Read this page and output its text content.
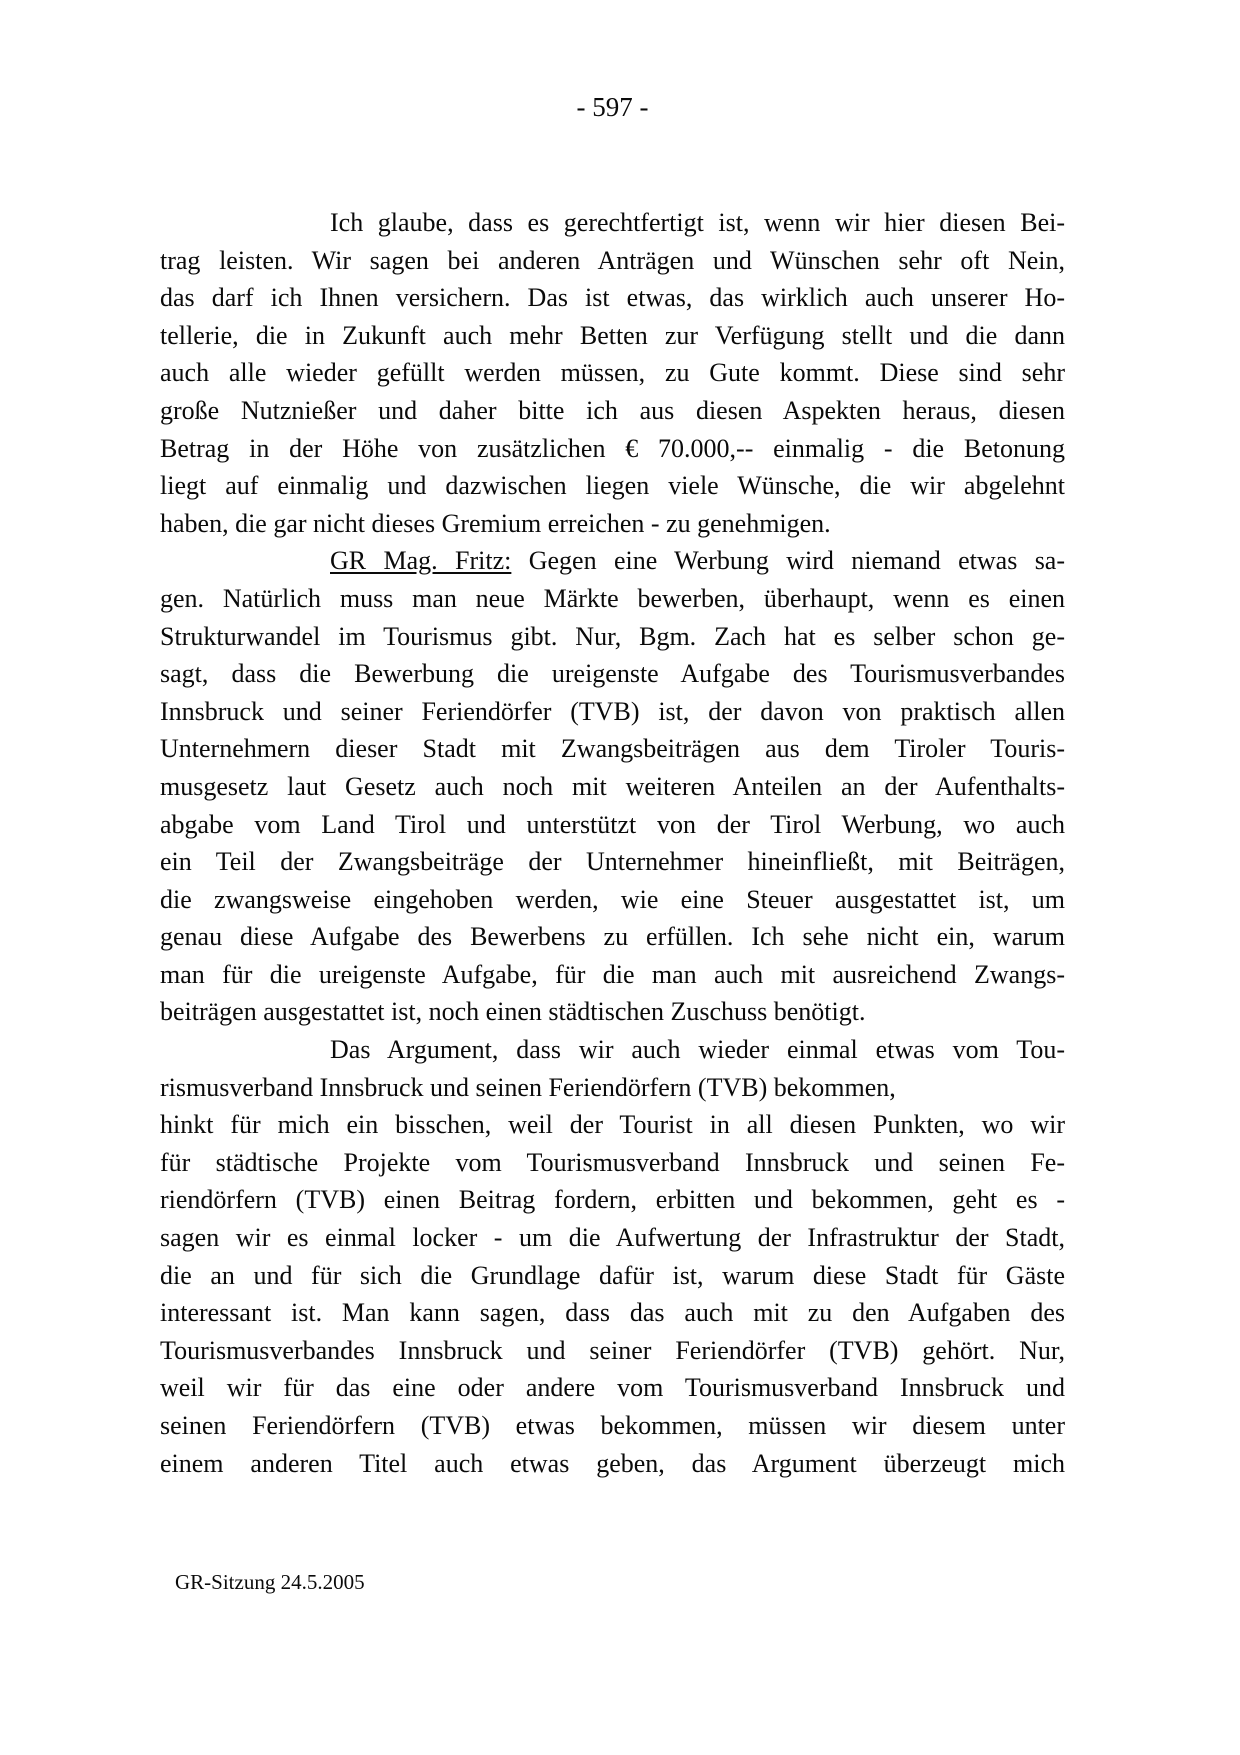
- 597 -
Ich glaube, dass es gerechtfertigt ist, wenn wir hier diesen Bei-
trag leisten. Wir sagen bei anderen Anträgen und Wünschen sehr oft Nein,
das darf ich Ihnen versichern. Das ist etwas, das wirklich auch unserer Ho-
tellerie, die in Zukunft auch mehr Betten zur Verfügung stellt und die dann
auch alle wieder gefüllt werden müssen, zu Gute kommt. Diese sind sehr
große Nutznießer und daher bitte ich aus diesen Aspekten heraus, diesen
Betrag in der Höhe von zusätzlichen € 70.000,-- einmalig - die Betonung
liegt auf einmalig und dazwischen liegen viele Wünsche, die wir abgelehnt
haben, die gar nicht dieses Gremium erreichen - zu genehmigen.
GR Mag. Fritz: Gegen eine Werbung wird niemand etwas sa-
gen. Natürlich muss man neue Märkte bewerben, überhaupt, wenn es einen
Strukturwandel im Tourismus gibt. Nur, Bgm. Zach hat es selber schon ge-
sagt, dass die Bewerbung die ureigenste Aufgabe des Tourismusverbandes
Innsbruck und seiner Feriendörfer (TVB) ist, der davon von praktisch allen
Unternehmern dieser Stadt mit Zwangsbeiträgen aus dem Tiroler Touris-
musgesetz laut Gesetz auch noch mit weiteren Anteilen an der Aufenthalts-
abgabe vom Land Tirol und unterstützt von der Tirol Werbung, wo auch
ein Teil der Zwangsbeiträge der Unternehmer hineinfließt, mit Beiträgen,
die zwangsweise eingehoben werden, wie eine Steuer ausgestattet ist, um
genau diese Aufgabe des Bewerbens zu erfüllen. Ich sehe nicht ein, warum
man für die ureigenste Aufgabe, für die man auch mit ausreichend Zwangs-
beiträgen ausgestattet ist, noch einen städtischen Zuschuss benötigt.
Das Argument, dass wir auch wieder einmal etwas vom Tou-
rismusverband Innsbruck und seinen Feriendörfern (TVB) bekommen,
hinkt für mich ein bisschen, weil der Tourist in all diesen Punkten, wo wir
für städtische Projekte vom Tourismusverband Innsbruck und seinen Fe-
riendörfern (TVB) einen Beitrag fordern, erbitten und bekommen, geht es -
sagen wir es einmal locker - um die Aufwertung der Infrastruktur der Stadt,
die an und für sich die Grundlage dafür ist, warum diese Stadt für Gäste
interessant ist. Man kann sagen, dass das auch mit zu den Aufgaben des
Tourismusverbandes Innsbruck und seiner Feriendörfer (TVB) gehört. Nur,
weil wir für das eine oder andere vom Tourismusverband Innsbruck und
seinen Feriendörfern (TVB) etwas bekommen, müssen wir diesem unter
einem anderen Titel auch etwas geben, das Argument überzeugt mich
GR-Sitzung 24.5.2005
